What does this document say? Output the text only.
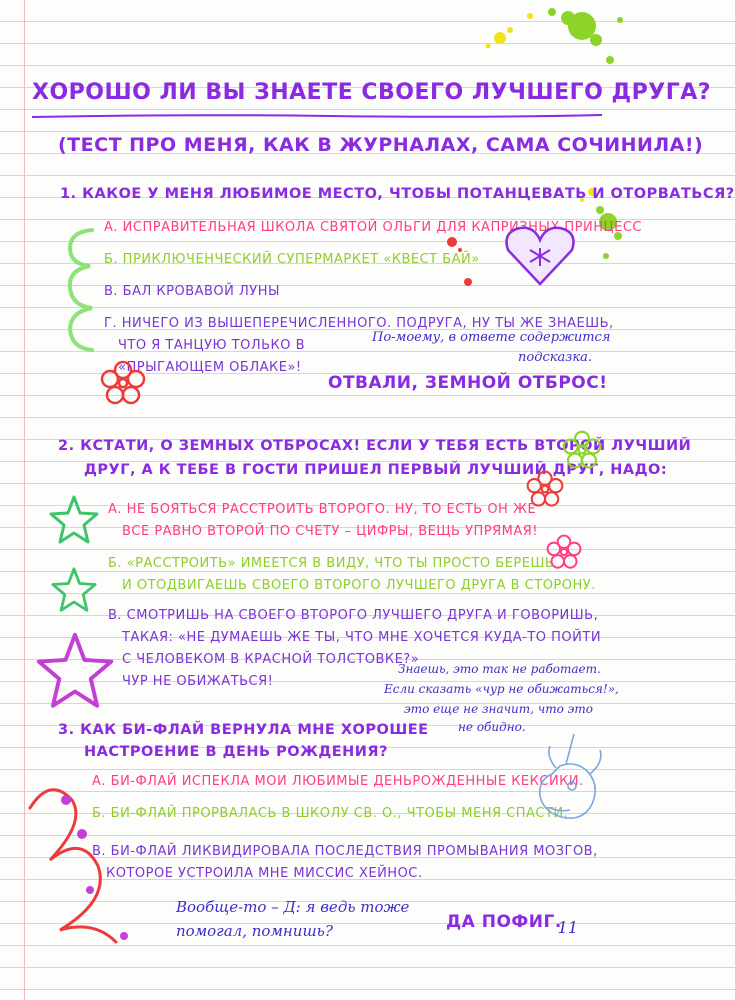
ХОРОШО ЛИ ВЫ ЗНАЕТЕ СВОЕГО ЛУЧШЕГО ДРУГА?
(ТЕСТ ПРО МЕНЯ, КАК В ЖУРНАЛАХ, САМА СОЧИНИЛА!)
1. КАКОЕ У МЕНЯ ЛЮБИМОЕ МЕСТО, ЧТОБЫ ПОТАНЦЕВАТЬ И ОТОРВАТЬСЯ?
А. ИСПРАВИТЕЛЬНАЯ ШКОЛА СВЯТОЙ ОЛЬГИ ДЛЯ КАПРИЗНЫХ ПРИНЦЕСС
Б. ПРИКЛЮЧЕНЧЕСКИЙ СУПЕРМАРКЕТ «КВЕСТ БАЙ»
В. БАЛ КРОВАВОЙ ЛУНЫ
Г. НИЧЕГО ИЗ ВЫШЕПЕРЕЧИСЛЕННОГО. ПОДРУГА, НУ ТЫ ЖЕ ЗНАЕШЬ,
ЧТО Я ТАНЦУЮ ТОЛЬКО В
«ПРЫГАЮЩЕМ ОБЛАКЕ»!
По-моему, в ответе содержится
подсказка.
ОТВАЛИ, ЗЕМНОЙ ОТБРОС!
2. КСТАТИ, О ЗЕМНЫХ ОТБРОСАХ! ЕСЛИ У ТЕБЯ ЕСТЬ ВТОРОЙ ЛУЧШИЙ
ДРУГ, А К ТЕБЕ В ГОСТИ ПРИШЕЛ ПЕРВЫЙ ЛУЧШИЙ ДРУГ, НАДО:
А. НЕ БОЯТЬСЯ РАССТРОИТЬ ВТОРОГО. НУ, ТО ЕСТЬ ОН ЖЕ
ВСЕ РАВНО ВТОРОЙ ПО СЧЕТУ – ЦИФРЫ, ВЕЩЬ УПРЯМАЯ!
Б. «РАССТРОИТЬ» ИМЕЕТСЯ В ВИДУ, ЧТО ТЫ ПРОСТО БЕРЕШЬ
И ОТОДВИГАЕШЬ СВОЕГО ВТОРОГО ЛУЧШЕГО ДРУГА В СТОРОНУ.
В. СМОТРИШЬ НА СВОЕГО ВТОРОГО ЛУЧШЕГО ДРУГА И ГОВОРИШЬ,
ТАКАЯ: «НЕ ДУМАЕШЬ ЖЕ ТЫ, ЧТО МНЕ ХОЧЕТСЯ КУДА-ТО ПОЙТИ
С ЧЕЛОВЕКОМ В КРАСНОЙ ТОЛСТОВКЕ?»
ЧУР НЕ ОБИЖАТЬСЯ!
Знаешь, это так не работает.
Если сказать «чур не обижаться!»,
это еще не значит, что это
не обидно.
3. КАК БИ-ФЛАЙ ВЕРНУЛА МНЕ ХОРОШЕЕ
НАСТРОЕНИЕ В ДЕНЬ РОЖДЕНИЯ?
А. БИ-ФЛАЙ ИСПЕКЛА МОИ ЛЮБИМЫЕ ДЕНЬРОЖДЕННЫЕ КЕКСИКИ.
Б. БИ-ФЛАЙ ПРОРВАЛАСЬ В ШКОЛУ СВ. О., ЧТОБЫ МЕНЯ СПАСТИ.
В. БИ-ФЛАЙ ЛИКВИДИРОВАЛА ПОСЛЕДСТВИЯ ПРОМЫВАНИЯ МОЗГОВ,
КОТОРОЕ УСТРОИЛА МНЕ МИССИС ХЕЙНОС.
Вообще-то – Д: я ведь тоже
помогал, помнишь?	ДА ПОФИГ.
11
